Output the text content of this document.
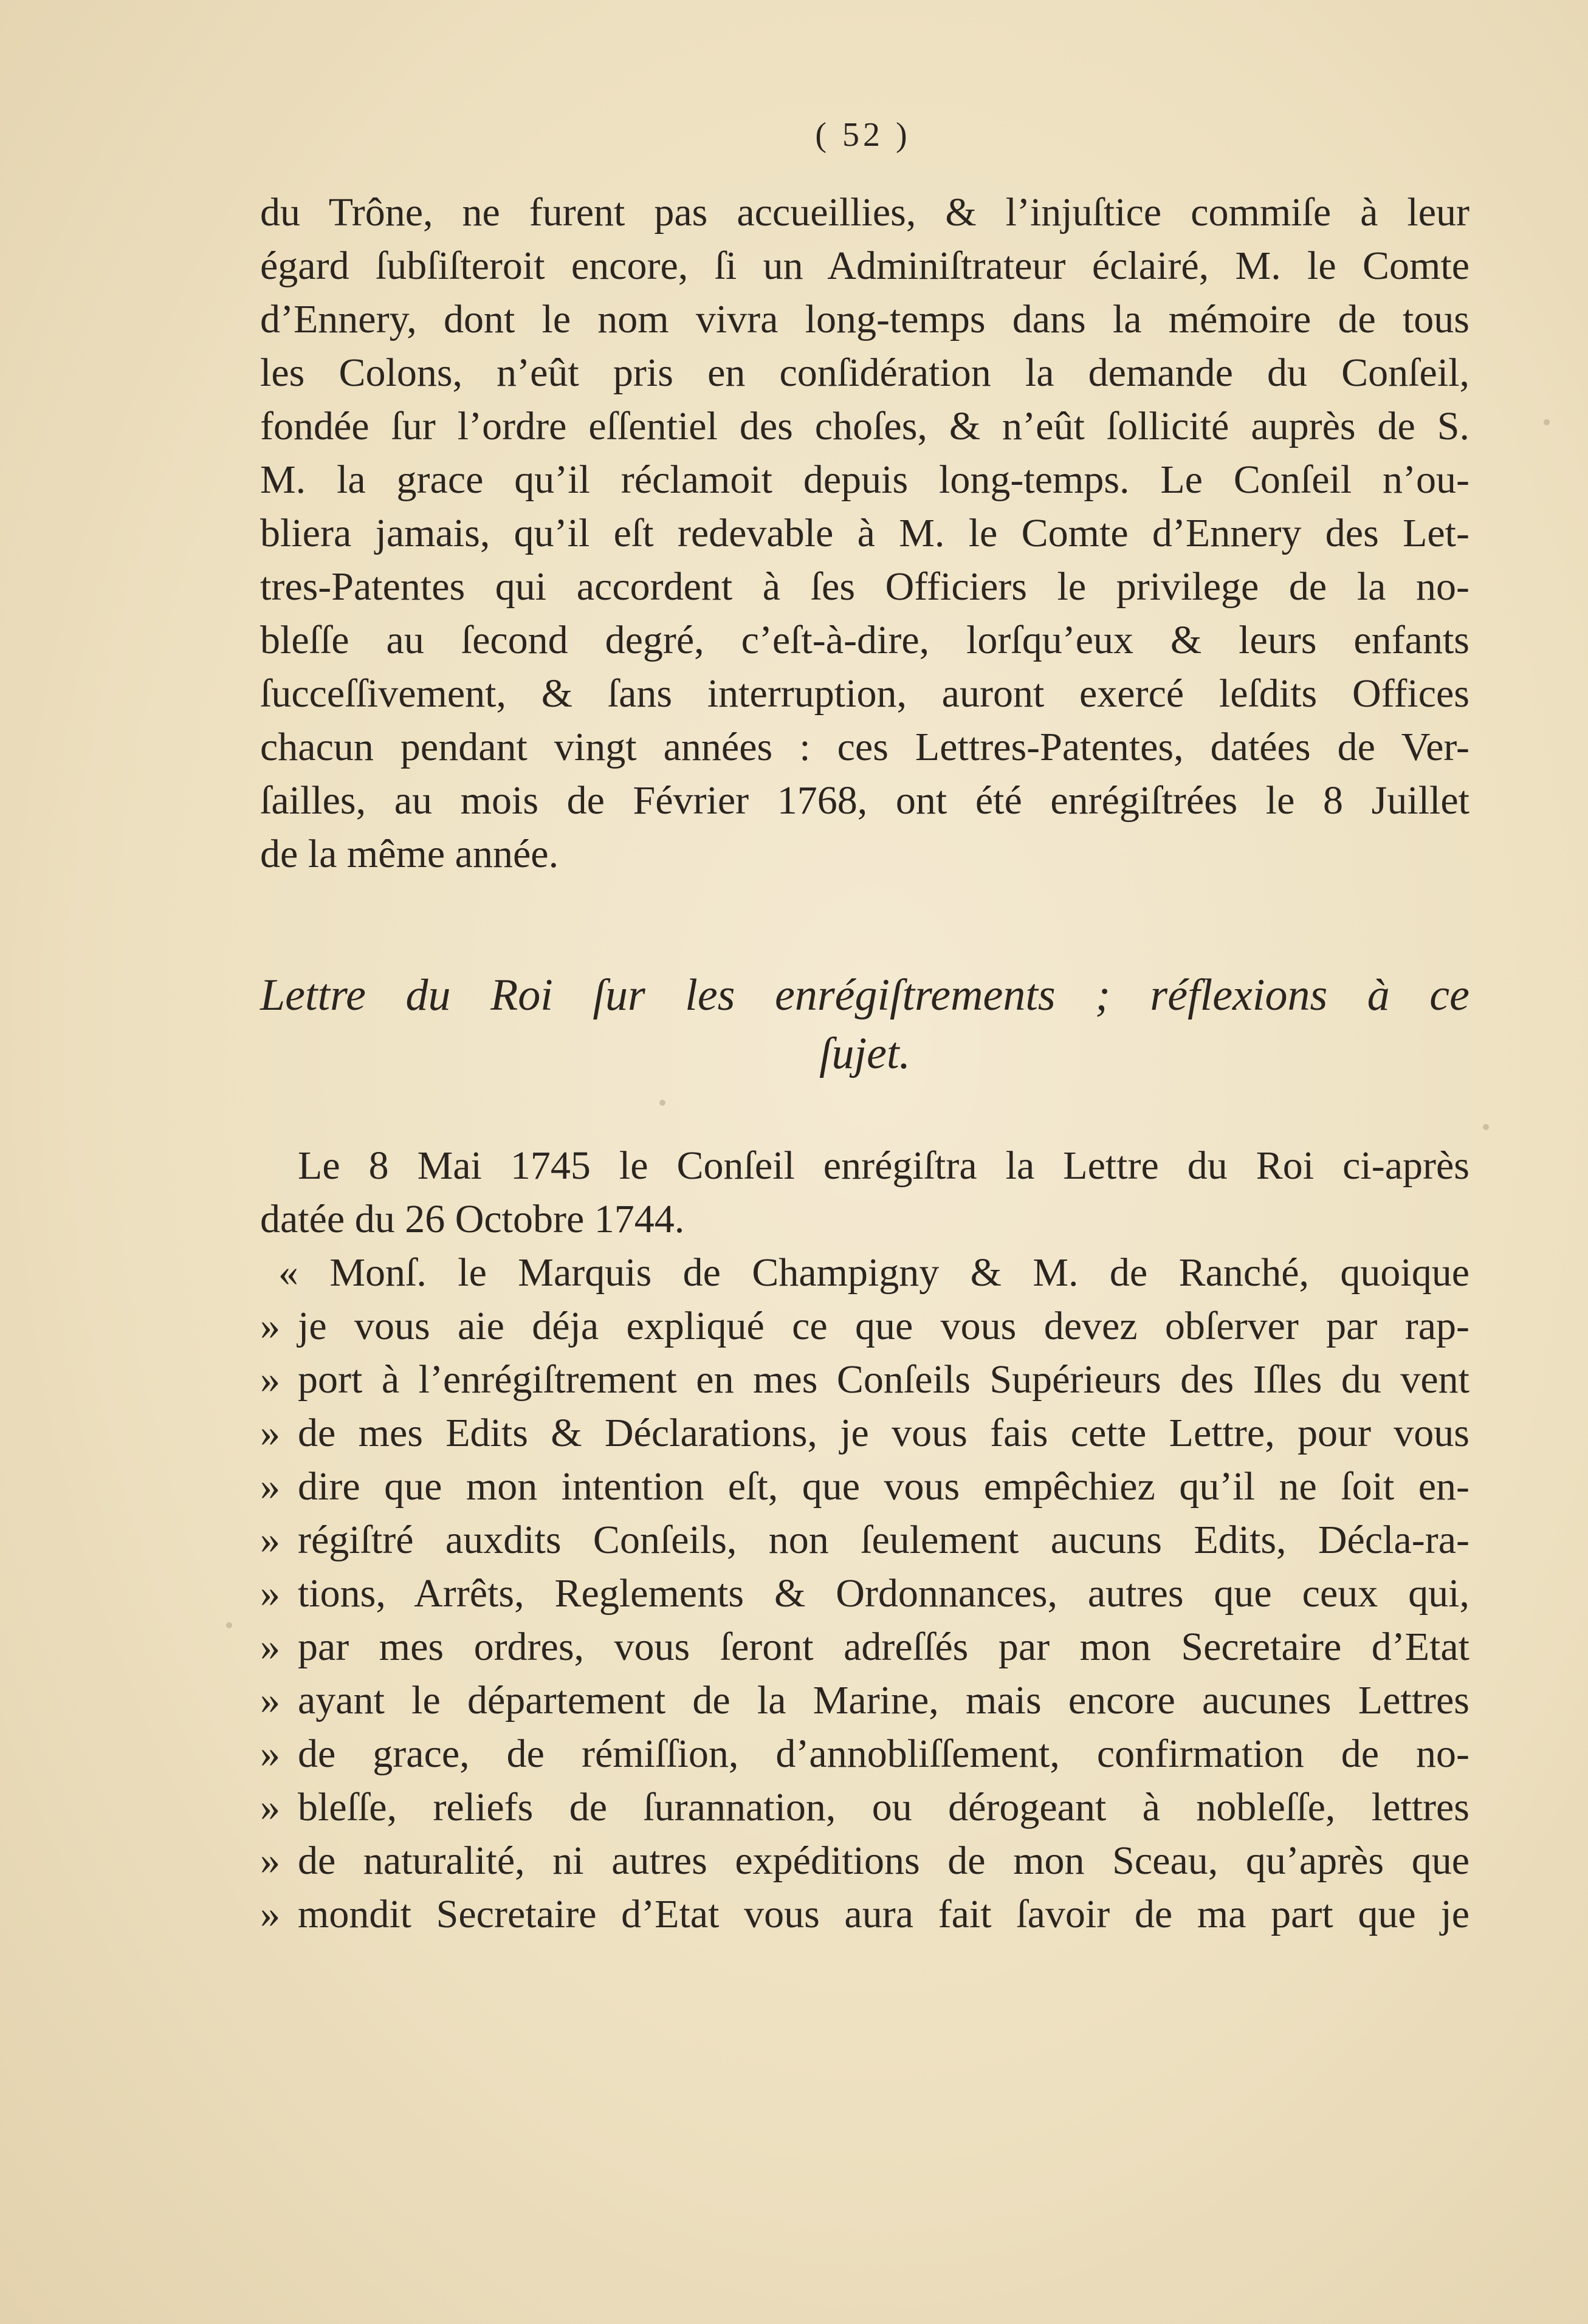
( 52 )
du Trône, ne furent pas accueillies, & l’injuſtice commiſe à leur
égard ſubſiſteroit encore, ſi un Adminiſtrateur éclairé, M. le Comte
d’Ennery, dont le nom vivra long-temps dans la mémoire de tous
les Colons, n’eût pris en conſidération la demande du Conſeil,
fondée ſur l’ordre eſſentiel des choſes, & n’eût ſollicité auprès de S.
M. la grace qu’il réclamoit depuis long-temps. Le Conſeil n’ou-
bliera jamais, qu’il eſt redevable à M. le Comte d’Ennery des Let-
tres-Patentes qui accordent à ſes Officiers le privilege de la no-
bleſſe au ſecond degré, c’eſt-à-dire, lorſqu’eux & leurs enfants
ſucceſſivement, & ſans interruption, auront exercé leſdits Offices
chacun pendant vingt années : ces Lettres-Patentes, datées de Ver-
ſailles, au mois de Février 1768, ont été enrégiſtrées le 8 Juillet
de la même année.
Lettre du Roi ſur les enrégiſtrements ; réflexions à ce
ſujet.
Le 8 Mai 1745 le Conſeil enrégiſtra la Lettre du Roi ci-après
datée du 26 Octobre 1744.
« Monſ. le Marquis de Champigny & M. de Ranché, quoique
» je vous aie déja expliqué ce que vous devez obſerver par rap-
» port à l’enrégiſtrement en mes Conſeils Supérieurs des Iſles du vent
» de mes Edits & Déclarations, je vous fais cette Lettre, pour vous
» dire que mon intention eſt, que vous empêchiez qu’il ne ſoit en-
» régiſtré auxdits Conſeils, non ſeulement aucuns Edits, Décla-ra-
» tions, Arrêts, Reglements & Ordonnances, autres que ceux qui,
» par mes ordres, vous ſeront adreſſés par mon Secretaire d’Etat
» ayant le département de la Marine, mais encore aucunes Lettres
» de grace, de rémiſſion, d’annobliſſement, confirmation de no-
» bleſſe, reliefs de ſurannation, ou dérogeant à nobleſſe, lettres
» de naturalité, ni autres expéditions de mon Sceau, qu’après que
» mondit Secretaire d’Etat vous aura fait ſavoir de ma part que je
